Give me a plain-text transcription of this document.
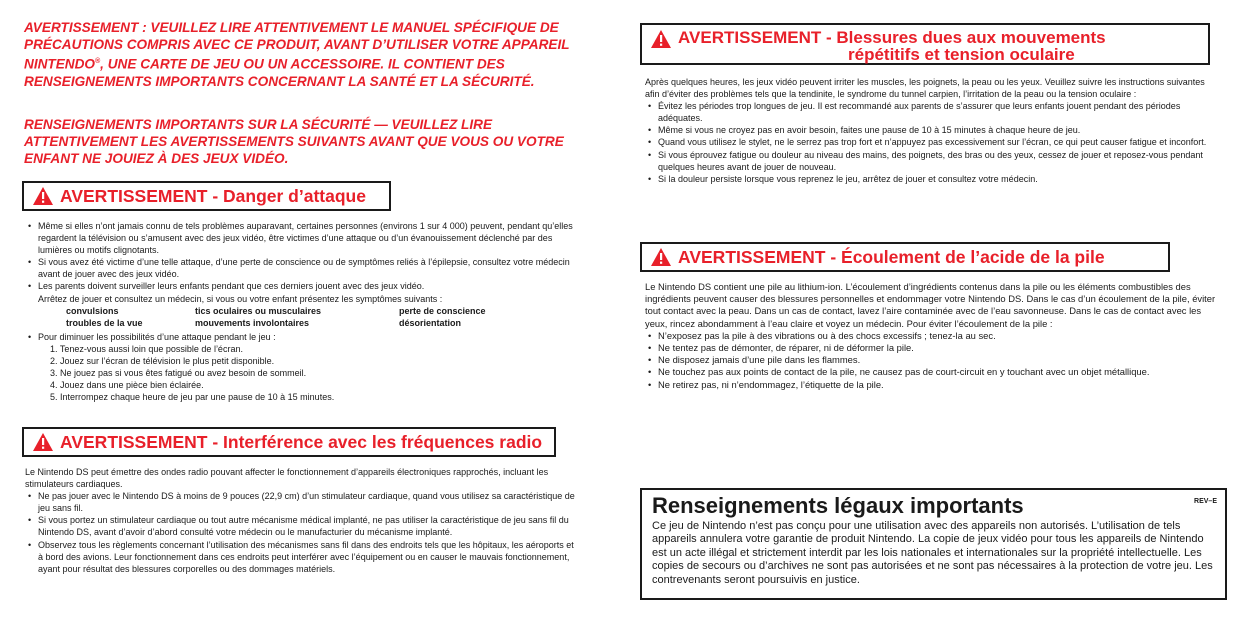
AVERTISSEMENT : VEUILLEZ LIRE ATTENTIVEMENT LE MANUEL SPÉCIFIQUE DE PRÉCAUTIONS COMPRIS AVEC CE PRODUIT, AVANT D’UTILISER VOTRE APPAREIL NINTENDO®, UNE CARTE DE JEU OU UN ACCESSOIRE. IL CONTIENT DES RENSEIGNEMENTS IMPORTANTS CONCERNANT LA SANTÉ ET LA SÉCURITÉ.

RENSEIGNEMENTS IMPORTANTS SUR LA SÉCURITÉ — VEUILLEZ LIRE ATTENTIVEMENT LES AVERTISSEMENTS SUIVANTS AVANT QUE VOUS OU VOTRE ENFANT NE JOUIEZ À DES JEUX VIDÉO.

AVERTISSEMENT - Danger d’attaque
• Même si elles n’ont jamais connu de tels problèmes auparavant, certaines personnes (environs 1 sur 4 000) peuvent, pendant qu’elles regardent la télévision ou s’amusent avec des jeux vidéo, être victimes d’une attaque ou d’un évanouissement déclenché par des lumières ou motifs clignotants.
• Si vous avez été victime d’une telle attaque, d’une perte de conscience ou de symptômes reliés à l’épilepsie, consultez votre médecin avant de jouer avec des jeux vidéo.
• Les parents doivent surveiller leurs enfants pendant que ces derniers jouent avec des jeux vidéo.
Arrêtez de jouer et consultez un médecin, si vous ou votre enfant présentez les symptômes suivants :
convulsions	tics oculaires ou musculaires	perte de conscience
troubles de la vue	mouvements involontaires	désorientation
• Pour diminuer les possibilités d’une attaque pendant le jeu :
1. Tenez-vous aussi loin que possible de l’écran.
2. Jouez sur l’écran de télévision le plus petit disponible.
3. Ne jouez pas si vous êtes fatigué ou avez besoin de sommeil.
4. Jouez dans une pièce bien éclairée.
5. Interrompez chaque heure de jeu par une pause de 10 à 15 minutes.
AVERTISSEMENT - Interférence avec les fréquences radio
Le Nintendo DS peut émettre des ondes radio pouvant affecter le fonctionnement d’appareils électroniques rapprochés, incluant les stimulateurs cardiaques.
• Ne pas jouer avec le Nintendo DS à moins de 9 pouces (22,9 cm) d’un stimulateur cardiaque, quand vous utilisez sa caractéristique de jeu sans fil.
• Si vous portez un stimulateur cardiaque ou tout autre mécanisme médical implanté, ne pas utiliser la caractéristique de jeu sans fil du Nintendo DS, avant d’avoir d’abord consulté votre médecin ou le manufacturier du mécanisme implanté.
• Observez tous les règlements concernant l’utilisation des mécanismes sans fil dans des endroits tels que les hôpitaux, les aéroports et à bord des avions. Leur fonctionnement dans ces endroits peut interférer avec l’équipement ou en causer le mauvais fonctionnement, ayant pour résultat des blessures corporelles ou des dommages matériels.
AVERTISSEMENT - Blessures dues aux mouvements
répétitifs et tension oculaire
Après quelques heures, les jeux vidéo peuvent irriter les muscles, les poignets, la peau ou les yeux. Veuillez suivre les instructions suivantes afin d’éviter des problèmes tels que la tendinite, le syndrome du tunnel carpien, l’irritation de la peau ou la tension oculaire :
• Évitez les périodes trop longues de jeu. Il est recommandé aux parents de s’assurer que leurs enfants jouent pendant des périodes adéquates.
• Même si vous ne croyez pas en avoir besoin, faites une pause de 10 à 15 minutes à chaque heure de jeu.
• Quand vous utilisez le stylet, ne le serrez pas trop fort et n’appuyez pas excessivement sur l’écran, ce qui peut causer fatigue et inconfort.
• Si vous éprouvez fatigue ou douleur au niveau des mains, des poignets, des bras ou des yeux, cessez de jouer et reposez-vous pendant quelques heures avant de jouer de nouveau.
• Si la douleur persiste lorsque vous reprenez le jeu, arrêtez de jouer et consultez votre médecin.
AVERTISSEMENT - Écoulement de l’acide de la pile
Le Nintendo DS contient une pile au lithium-ion. L’écoulement d’ingrédients contenus dans la pile ou les éléments combustibles des ingrédients peuvent causer des blessures personnelles et endommager votre Nintendo DS. Dans le cas d’un écoulement de la pile, éviter tout contact avec la peau. Dans un cas de contact, lavez l’aire contaminée avec de l’eau savonneuse. Dans le cas de contact avec les yeux, rincez abondamment à l’eau claire et voyez un médecin. Pour éviter l’écoulement de la pile :
• N’exposez pas la pile à des vibrations ou à des chocs excessifs ; tenez-la au sec.
• Ne tentez pas de démonter, de réparer, ni de déformer la pile.
• Ne disposez jamais d’une pile dans les flammes.
• Ne touchez pas aux points de contact de la pile, ne causez pas de court-circuit en y touchant avec un objet métallique.
• Ne retirez pas, ni n’endommagez, l’étiquette de la pile.

Renseignements légaux importants	REV–E

Ce jeu de Nintendo n’est pas conçu pour une utilisation avec des appareils non autorisés. L’utilisation de tels appareils annulera votre garantie de produit Nintendo. La copie de jeux vidéo pour tous les appareils de Nintendo est un acte illégal et strictement interdit par les lois nationales et internationales sur la propriété intellectuelle. Les copies de secours ou d’archives ne sont pas autorisées et ne sont pas nécessaires à la protection de votre jeu. Les contrevenants seront poursuivis en justice.
